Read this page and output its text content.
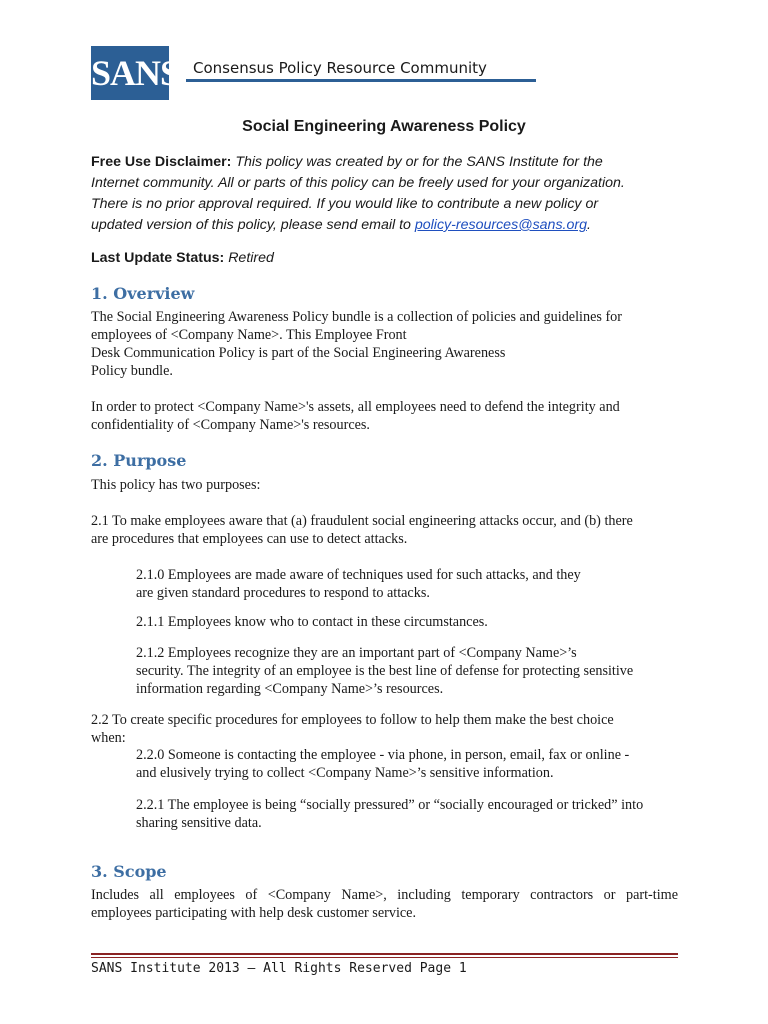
SANS Consensus Policy Resource Community
Social Engineering Awareness Policy
Free Use Disclaimer: This policy was created by or for the SANS Institute for the
Internet community. All or parts of this policy can be freely used for your organization.
There is no prior approval required. If you would like to contribute a new policy or
updated version of this policy, please send email to policy-resources@sans.org.
Last Update Status: Retired
1. Overview
The Social Engineering Awareness Policy bundle is a collection of policies and guidelines for
employees of <Company Name>. This Employee Front
Desk Communication Policy is part of the Social Engineering Awareness
Policy bundle.
In order to protect <Company Name>'s assets, all employees need to defend the integrity and
confidentiality of <Company Name>'s resources.
2. Purpose
This policy has two purposes:
2.1 To make employees aware that (a) fraudulent social engineering attacks occur, and (b) there
are procedures that employees can use to detect attacks.
2.1.0 Employees are made aware of techniques used for such attacks, and they
are given standard procedures to respond to attacks.
2.1.1 Employees know who to contact in these circumstances.
2.1.2 Employees recognize they are an important part of <Company Name>’s
security. The integrity of an employee is the best line of defense for protecting sensitive
information regarding <Company Name>’s resources.
2.2 To create specific procedures for employees to follow to help them make the best choice
when:
2.2.0 Someone is contacting the employee - via phone, in person, email, fax or online -
and elusively trying to collect <Company Name>’s sensitive information.
2.2.1 The employee is being “socially pressured” or “socially encouraged or tricked” into
sharing sensitive data.
3. Scope
Includes all employees of <Company Name>, including temporary contractors or part-time
employees participating with help desk customer service.
SANS Institute 2013 – All Rights Reserved Page 1
